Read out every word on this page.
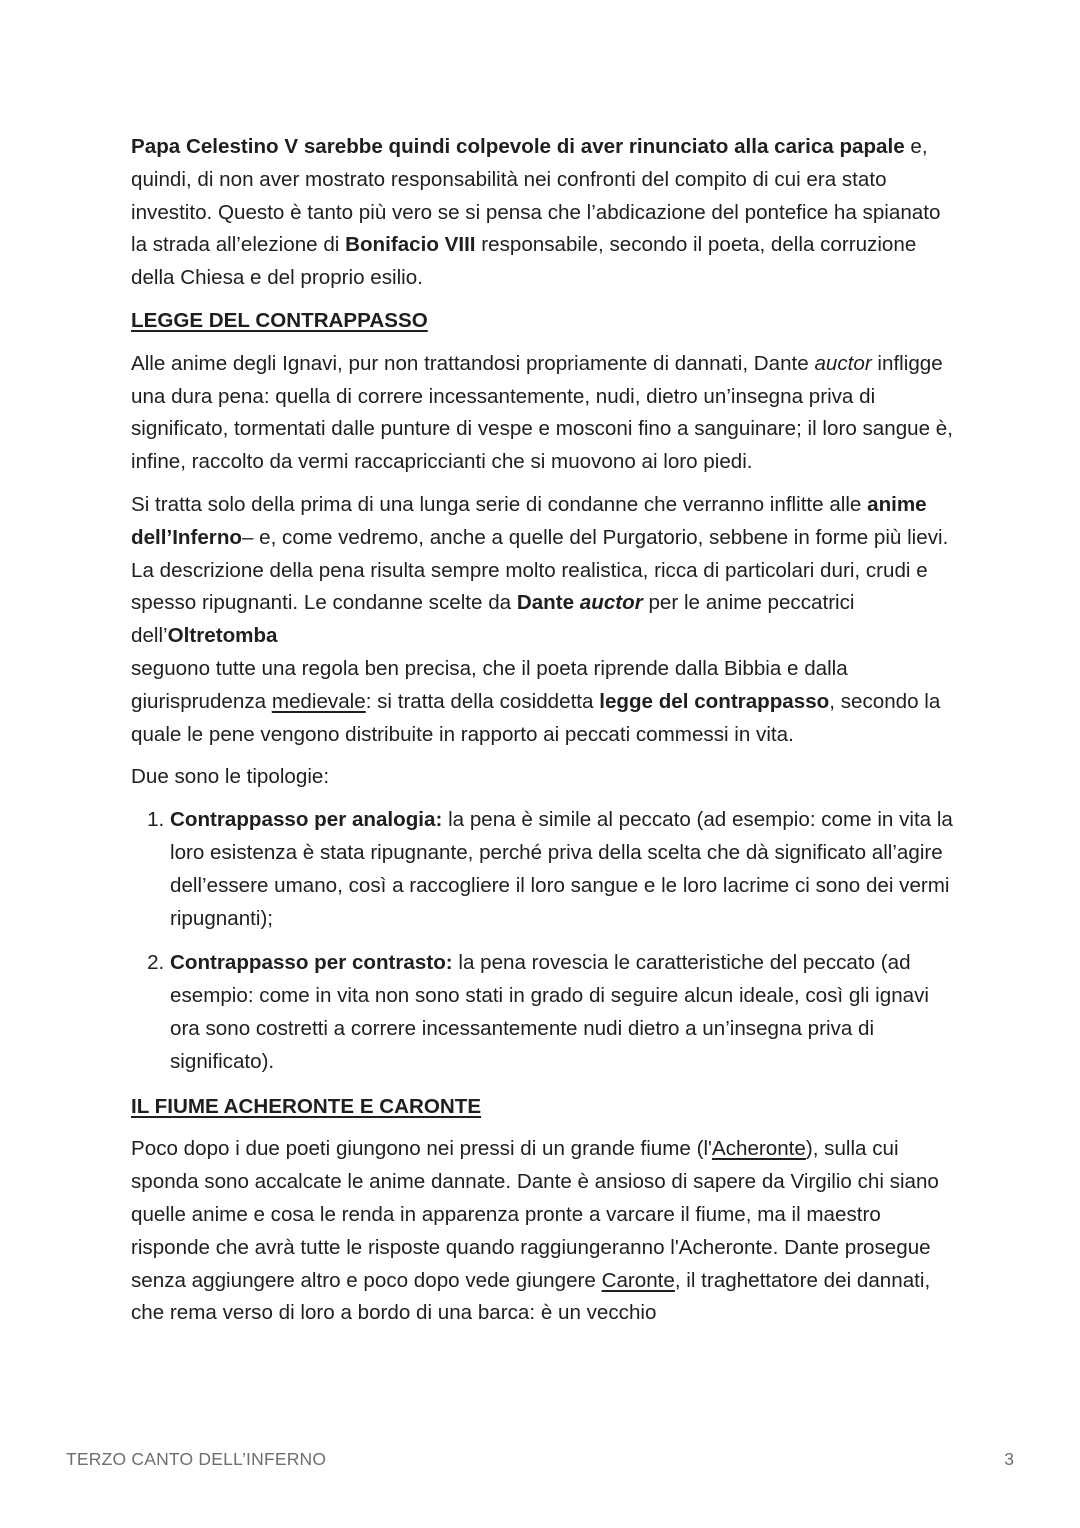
Papa Celestino V sarebbe quindi colpevole di aver rinunciato alla carica papale e, quindi, di non aver mostrato responsabilità nei confronti del compito di cui era stato investito. Questo è tanto più vero se si pensa che l’abdicazione del pontefice ha spianato la strada all’elezione di Bonifacio VIII responsabile, secondo il poeta, della corruzione della Chiesa e del proprio esilio.

LEGGE DEL CONTRAPPASSO

Alle anime degli Ignavi, pur non trattandosi propriamente di dannati, Dante auctor infligge una dura pena: quella di correre incessantemente, nudi, dietro un’insegna priva di significato, tormentati dalle punture di vespe e mosconi fino a sanguinare; il loro sangue è, infine, raccolto da vermi raccapriccianti che si muovono ai loro piedi.

Si tratta solo della prima di una lunga serie di condanne che verranno inflitte alle anime dell’Inferno– e, come vedremo, anche a quelle del Purgatorio, sebbene in forme più lievi. La descrizione della pena risulta sempre molto realistica, ricca di particolari duri, crudi e spesso ripugnanti. Le condanne scelte da Dante auctor per le anime peccatrici dell’Oltretomba
seguono tutte una regola ben precisa, che il poeta riprende dalla Bibbia e dalla giurisprudenza medievale: si tratta della cosiddetta legge del contrappasso, secondo la quale le pene vengono distribuite in rapporto ai peccati commessi in vita.

Due sono le tipologie:

1. Contrappasso per analogia: la pena è simile al peccato (ad esempio: come in vita la loro esistenza è stata ripugnante, perché priva della scelta che dà significato all’agire dell’essere umano, così a raccogliere il loro sangue e le loro lacrime ci sono dei vermi ripugnanti);
2. Contrappasso per contrasto: la pena rovescia le caratteristiche del peccato (ad esempio: come in vita non sono stati in grado di seguire alcun ideale, così gli ignavi ora sono costretti a correre incessantemente nudi dietro a un’insegna priva di significato).
IL FIUME ACHERONTE E CARONTE

Poco dopo i due poeti giungono nei pressi di un grande fiume (l'Acheronte), sulla cui sponda sono accalcate le anime dannate. Dante è ansioso di sapere da Virgilio chi siano quelle anime e cosa le renda in apparenza pronte a varcare il fiume, ma il maestro risponde che avrà tutte le risposte quando raggiungeranno l'Acheronte. Dante prosegue senza aggiungere altro e poco dopo vede giungere Caronte, il traghettatore dei dannati, che rema verso di loro a bordo di una barca: è un vecchio

TERZO CANTO DELL’INFERNO	3
